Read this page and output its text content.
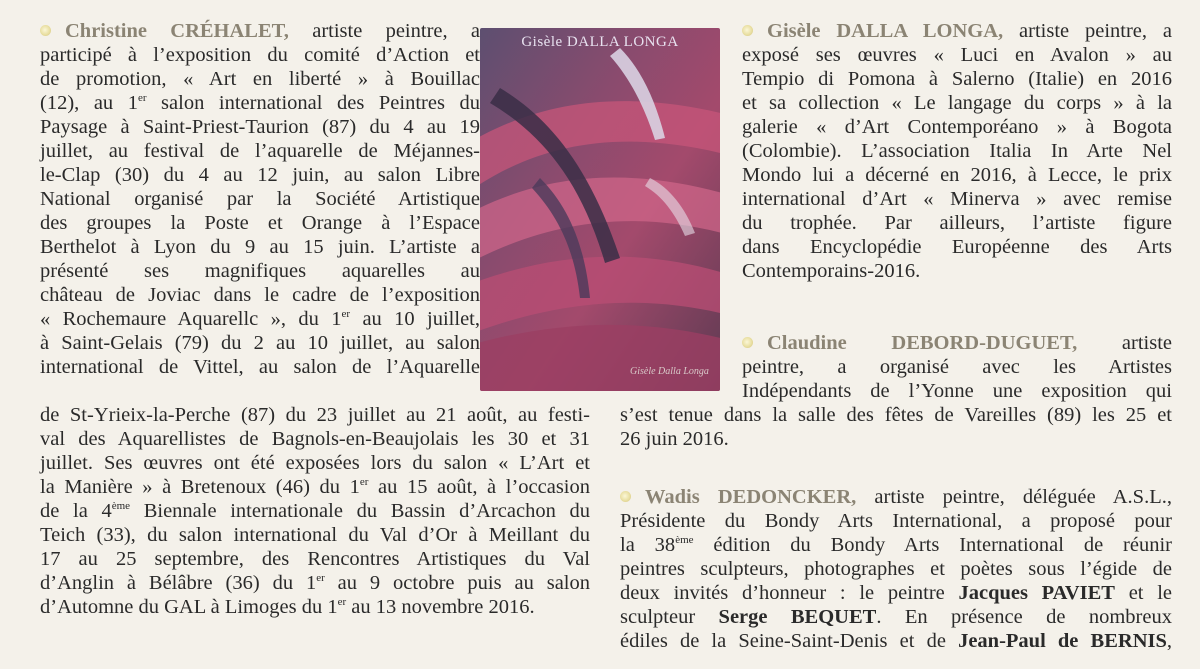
Christine CRÉHALET, artiste peintre, a
participé à l’exposition du comité d’Action et
de promotion, « Art en liberté » à Bouillac
(12), au 1er salon international des Peintres du
Paysage à Saint-Priest-Taurion (87) du 4 au 19
juillet, au festival de l’aquarelle de Méjannes-
le-Clap (30) du 4 au 12 juin, au salon Libre
National organisé par la Société Artistique
des groupes la Poste et Orange à l’Espace
Berthelot à Lyon du 9 au 15 juin. L’artiste a
présenté ses magnifiques aquarelles au
château de Joviac dans le cadre de l’exposition
« Rochemaure Aquarellc », du 1er au 10 juillet,
à Saint-Gelais (79) du 2 au 10 juillet, au salon
international de Vittel, au salon de l’Aquarelle
de St-Yrieix-la-Perche (87) du 23 juillet au 21 août, au festi-
val des Aquarellistes de Bagnols-en-Beaujolais les 30 et 31
juillet. Ses œuvres ont été exposées lors du salon « L’Art et
la Manière » à Bretenoux (46) du 1er au 15 août, à l’occasion
de la 4ème Biennale internationale du Bassin d’Arcachon du
Teich (33), du salon international du Val d’Or à Meillant du
17 au 25 septembre, des Rencontres Artistiques du Val
d’Anglin à Bélâbre (36) du 1er au 9 octobre puis au salon
d’Automne du GAL à Limoges du 1er au 13 novembre 2016.
Gisèle DALLA LONGA
Gisèle Dalla Longa
Gisèle DALLA LONGA, artiste peintre, a
exposé ses œuvres « Luci en Avalon » au
Tempio di Pomona à Salerno (Italie) en 2016
et sa collection « Le langage du corps » à la
galerie « d’Art Contemporéano » à Bogota
(Colombie). L’association Italia In Arte Nel
Mondo lui a décerné en 2016, à Lecce, le prix
international d’Art « Minerva » avec remise
du trophée. Par ailleurs, l’artiste figure
dans Encyclopédie Européenne des Arts
Contemporains-2016.
Claudine DEBORD-DUGUET, artiste
peintre, a organisé avec les Artistes
Indépendants de l’Yonne une exposition qui
s’est tenue dans la salle des fêtes de Vareilles (89) les 25 et
26 juin 2016.
Wadis DEDONCKER, artiste peintre, déléguée A.S.L.,
Présidente du Bondy Arts International, a proposé pour
la 38ème édition du Bondy Arts International de réunir
peintres sculpteurs, photographes et poètes sous l’égide de
deux invités d’honneur : le peintre Jacques PAVIET et le
sculpteur Serge BEQUET. En présence de nombreux
édiles de la Seine-Saint-Denis et de Jean-Paul de BERNIS,
